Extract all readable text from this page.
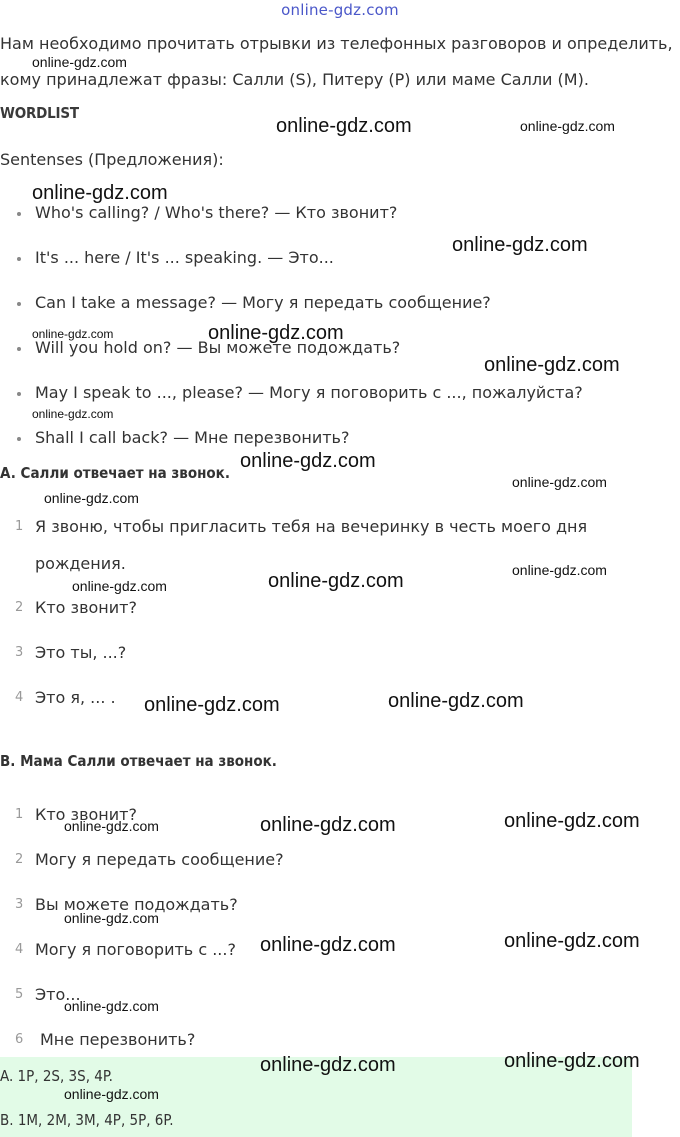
online-gdz.com
Нам необходимо прочитать отрывки из телефонных разговоров и определить,
кому принадлежат фразы: Салли (S), Питеру (P) или маме Салли (M).
WORDLIST
Sentenses (Предложения):
Who's calling? / Who's there? — Кто звонит?
It's ... here / It's ... speaking. — Это...
Can I take a message? — Могу я передать сообщение?
Will you hold on? — Вы можете подождать?
May I speak to ..., please? — Могу я поговорить с ..., пожалуйста?
Shall I call back? — Мне перезвонить?
A. Салли отвечает на звонок.
1 Я звоню, чтобы пригласить тебя на вечеринку в честь моего дня
рождения.
2 Кто звонит?
3 Это ты, ...?
4 Это я, ... .
B. Мама Салли отвечает на звонок.
1 Кто звонит?
2 Могу я передать сообщение?
3 Вы можете подождать?
4 Могу я поговорить с ...?
5 Это...
6 Мне перезвонить?
A. 1P, 2S, 3S, 4P.
B. 1M, 2M, 3M, 4P, 5P, 6P.
online-gdz.com
online-gdz.com	online-gdz.com
online-gdz.com
online-gdz.com
online-gdz.com	online-gdz.com
online-gdz.com
online-gdz.com
online-gdz.com
online-gdz.com
online-gdz.com
online-gdz.com
online-gdz.com
online-gdz.com
online-gdz.com	online-gdz.com
online-gdz.com	online-gdz.com	online-gdz.com
online-gdz.com
online-gdz.com	online-gdz.com
online-gdz.com
online-gdz.com	online-gdz.com
online-gdz.com
